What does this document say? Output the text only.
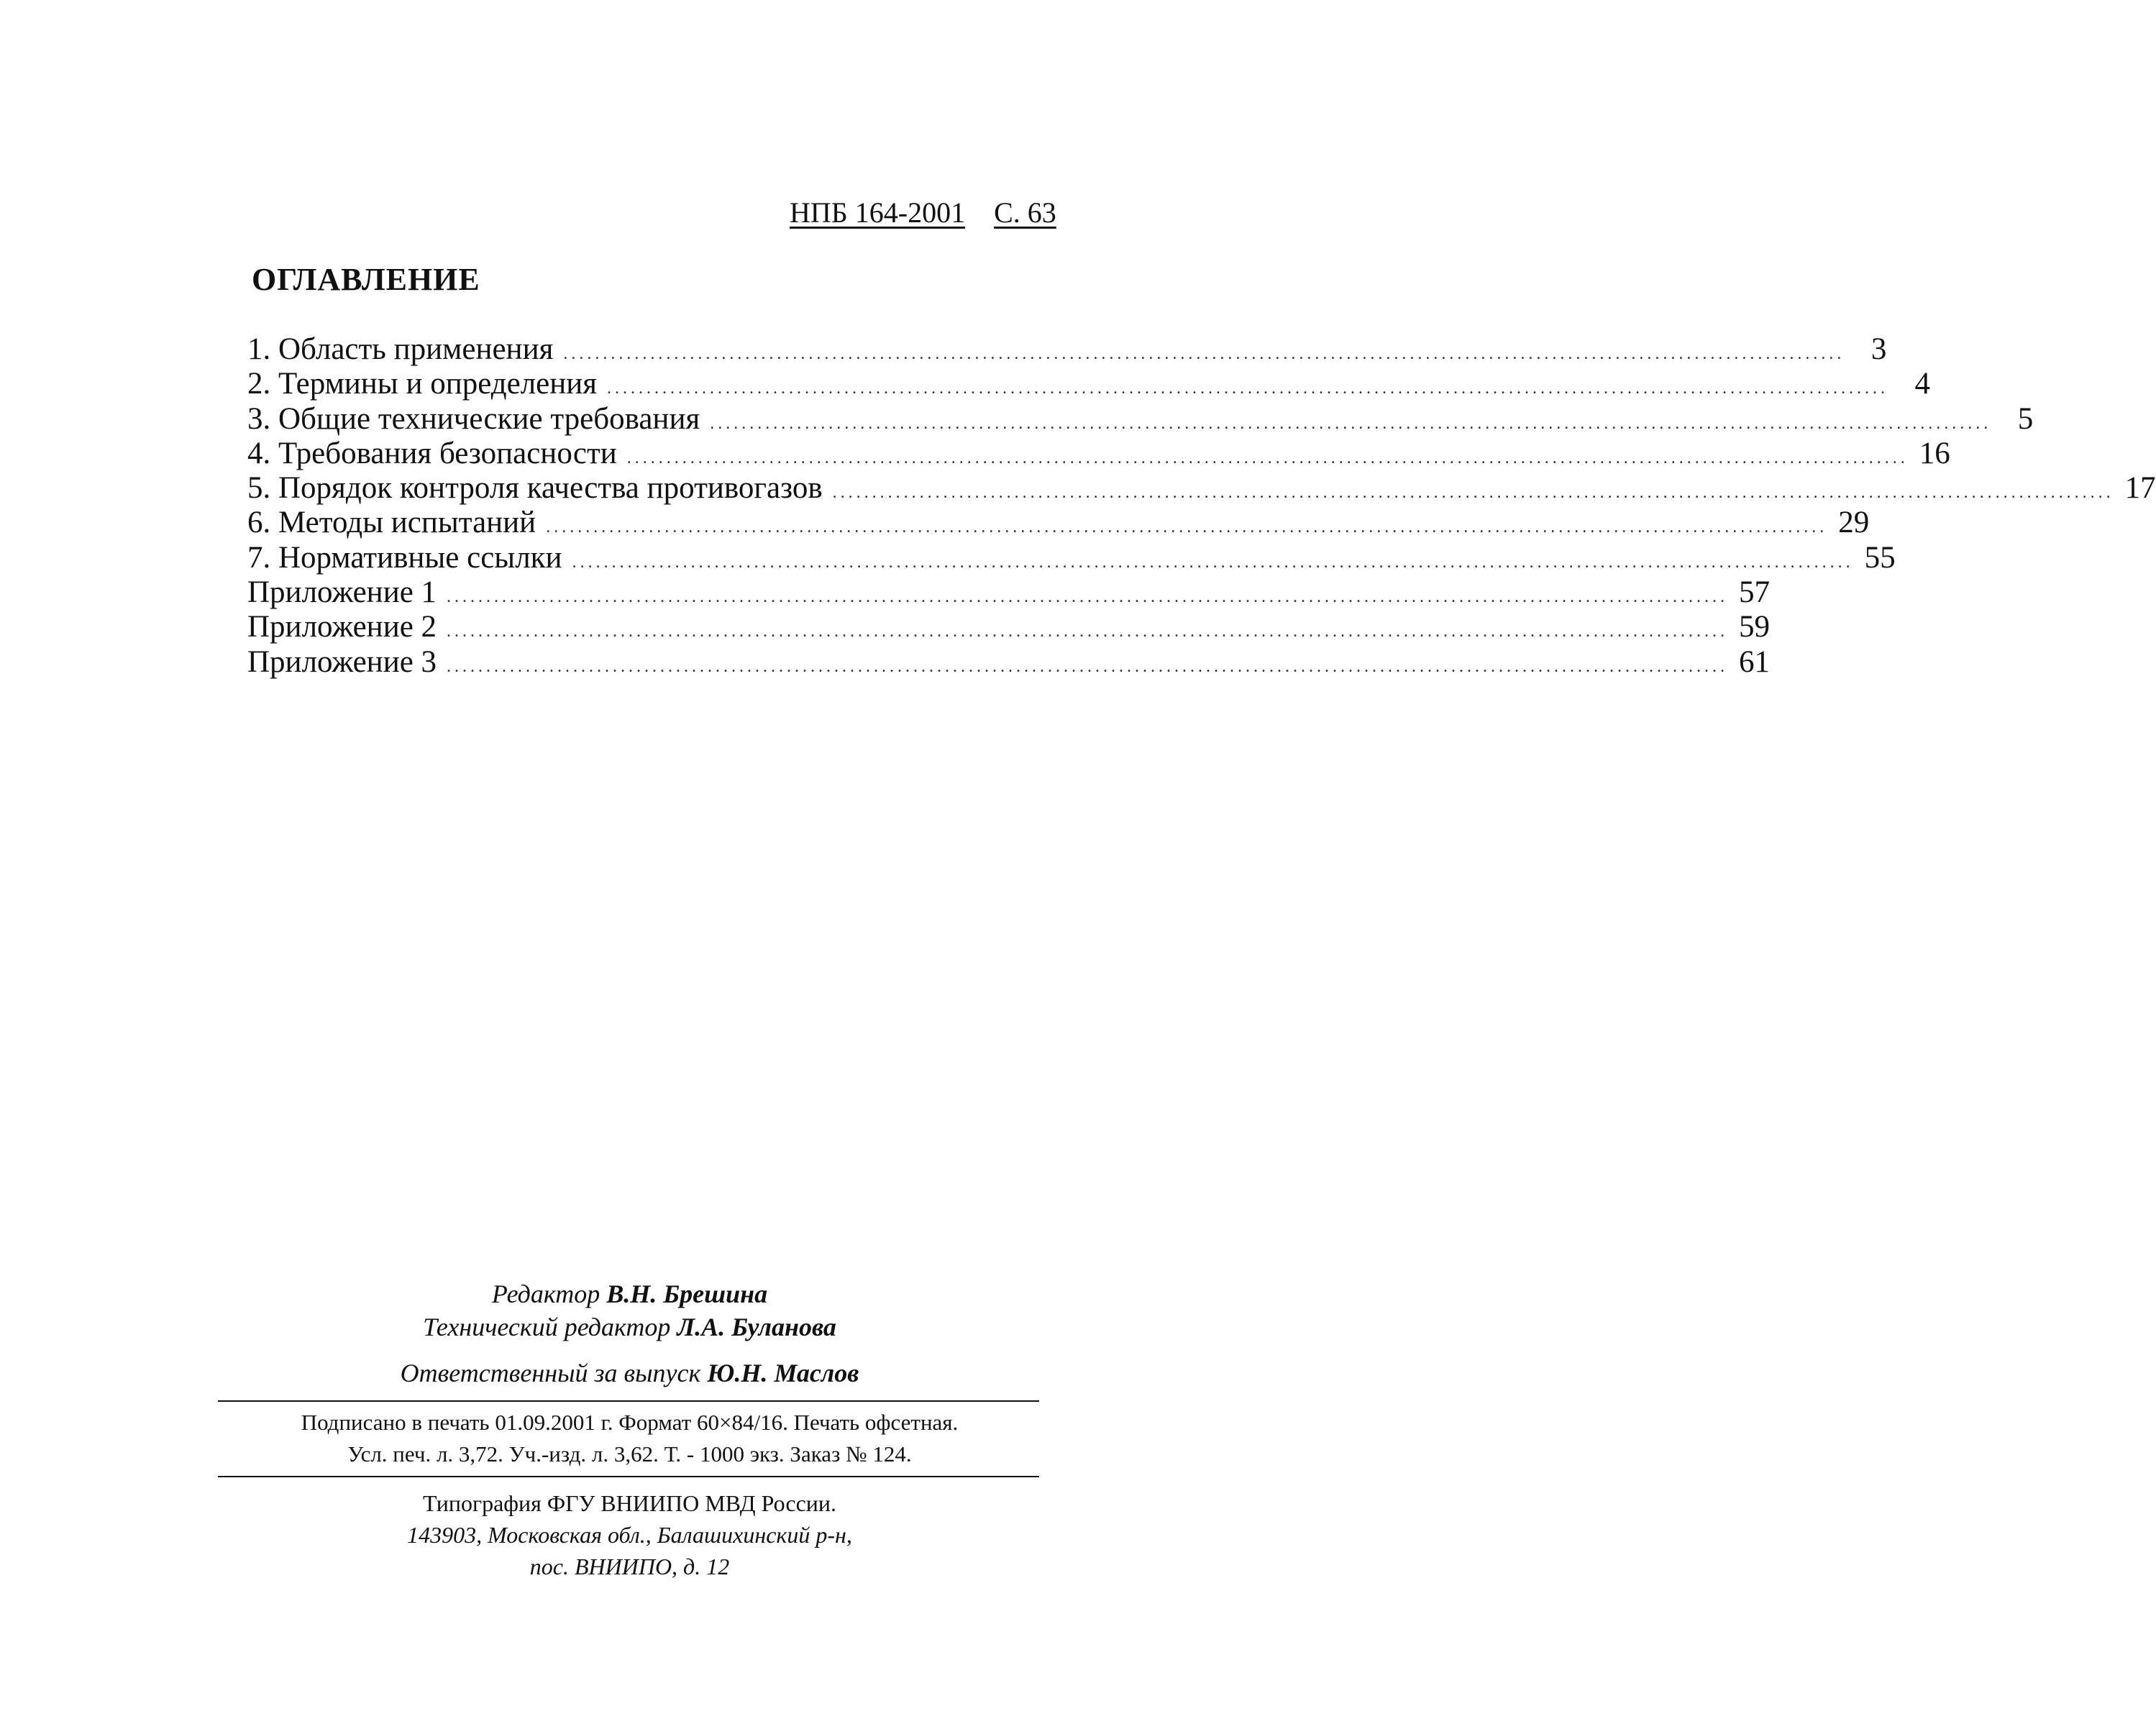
НПБ 164-2001 С. 63
ОГЛАВЛЕНИЕ
1. Область применения .................................................................................................................................................................. 3
2. Термины и определения .................................................................................................................................................................. 4
3. Общие технические требования .................................................................................................................................................................. 5
4. Требования безопасности .................................................................................................................................................................. 16
5. Порядок контроля качества противогазов .................................................................................................................................................................. 17
6. Методы испытаний .................................................................................................................................................................. 29
7. Нормативные ссылки .................................................................................................................................................................. 55
Приложение 1 .................................................................................................................................................................. 57
Приложение 2 .................................................................................................................................................................. 59
Приложение 3 .................................................................................................................................................................. 61
Редактор В.Н. Брешина
Технический редактор Л.А. Буланова
Ответственный за выпуск Ю.Н. Маслов
Подписано в печать 01.09.2001 г. Формат 60×84/16. Печать офсетная.
Усл. печ. л. 3,72. Уч.-изд. л. 3,62. Т. - 1000 экз. Заказ № 124.
Типография ФГУ ВНИИПО МВД России.
143903, Московская обл., Балашихинский р-н,
пос. ВНИИПО, д. 12
